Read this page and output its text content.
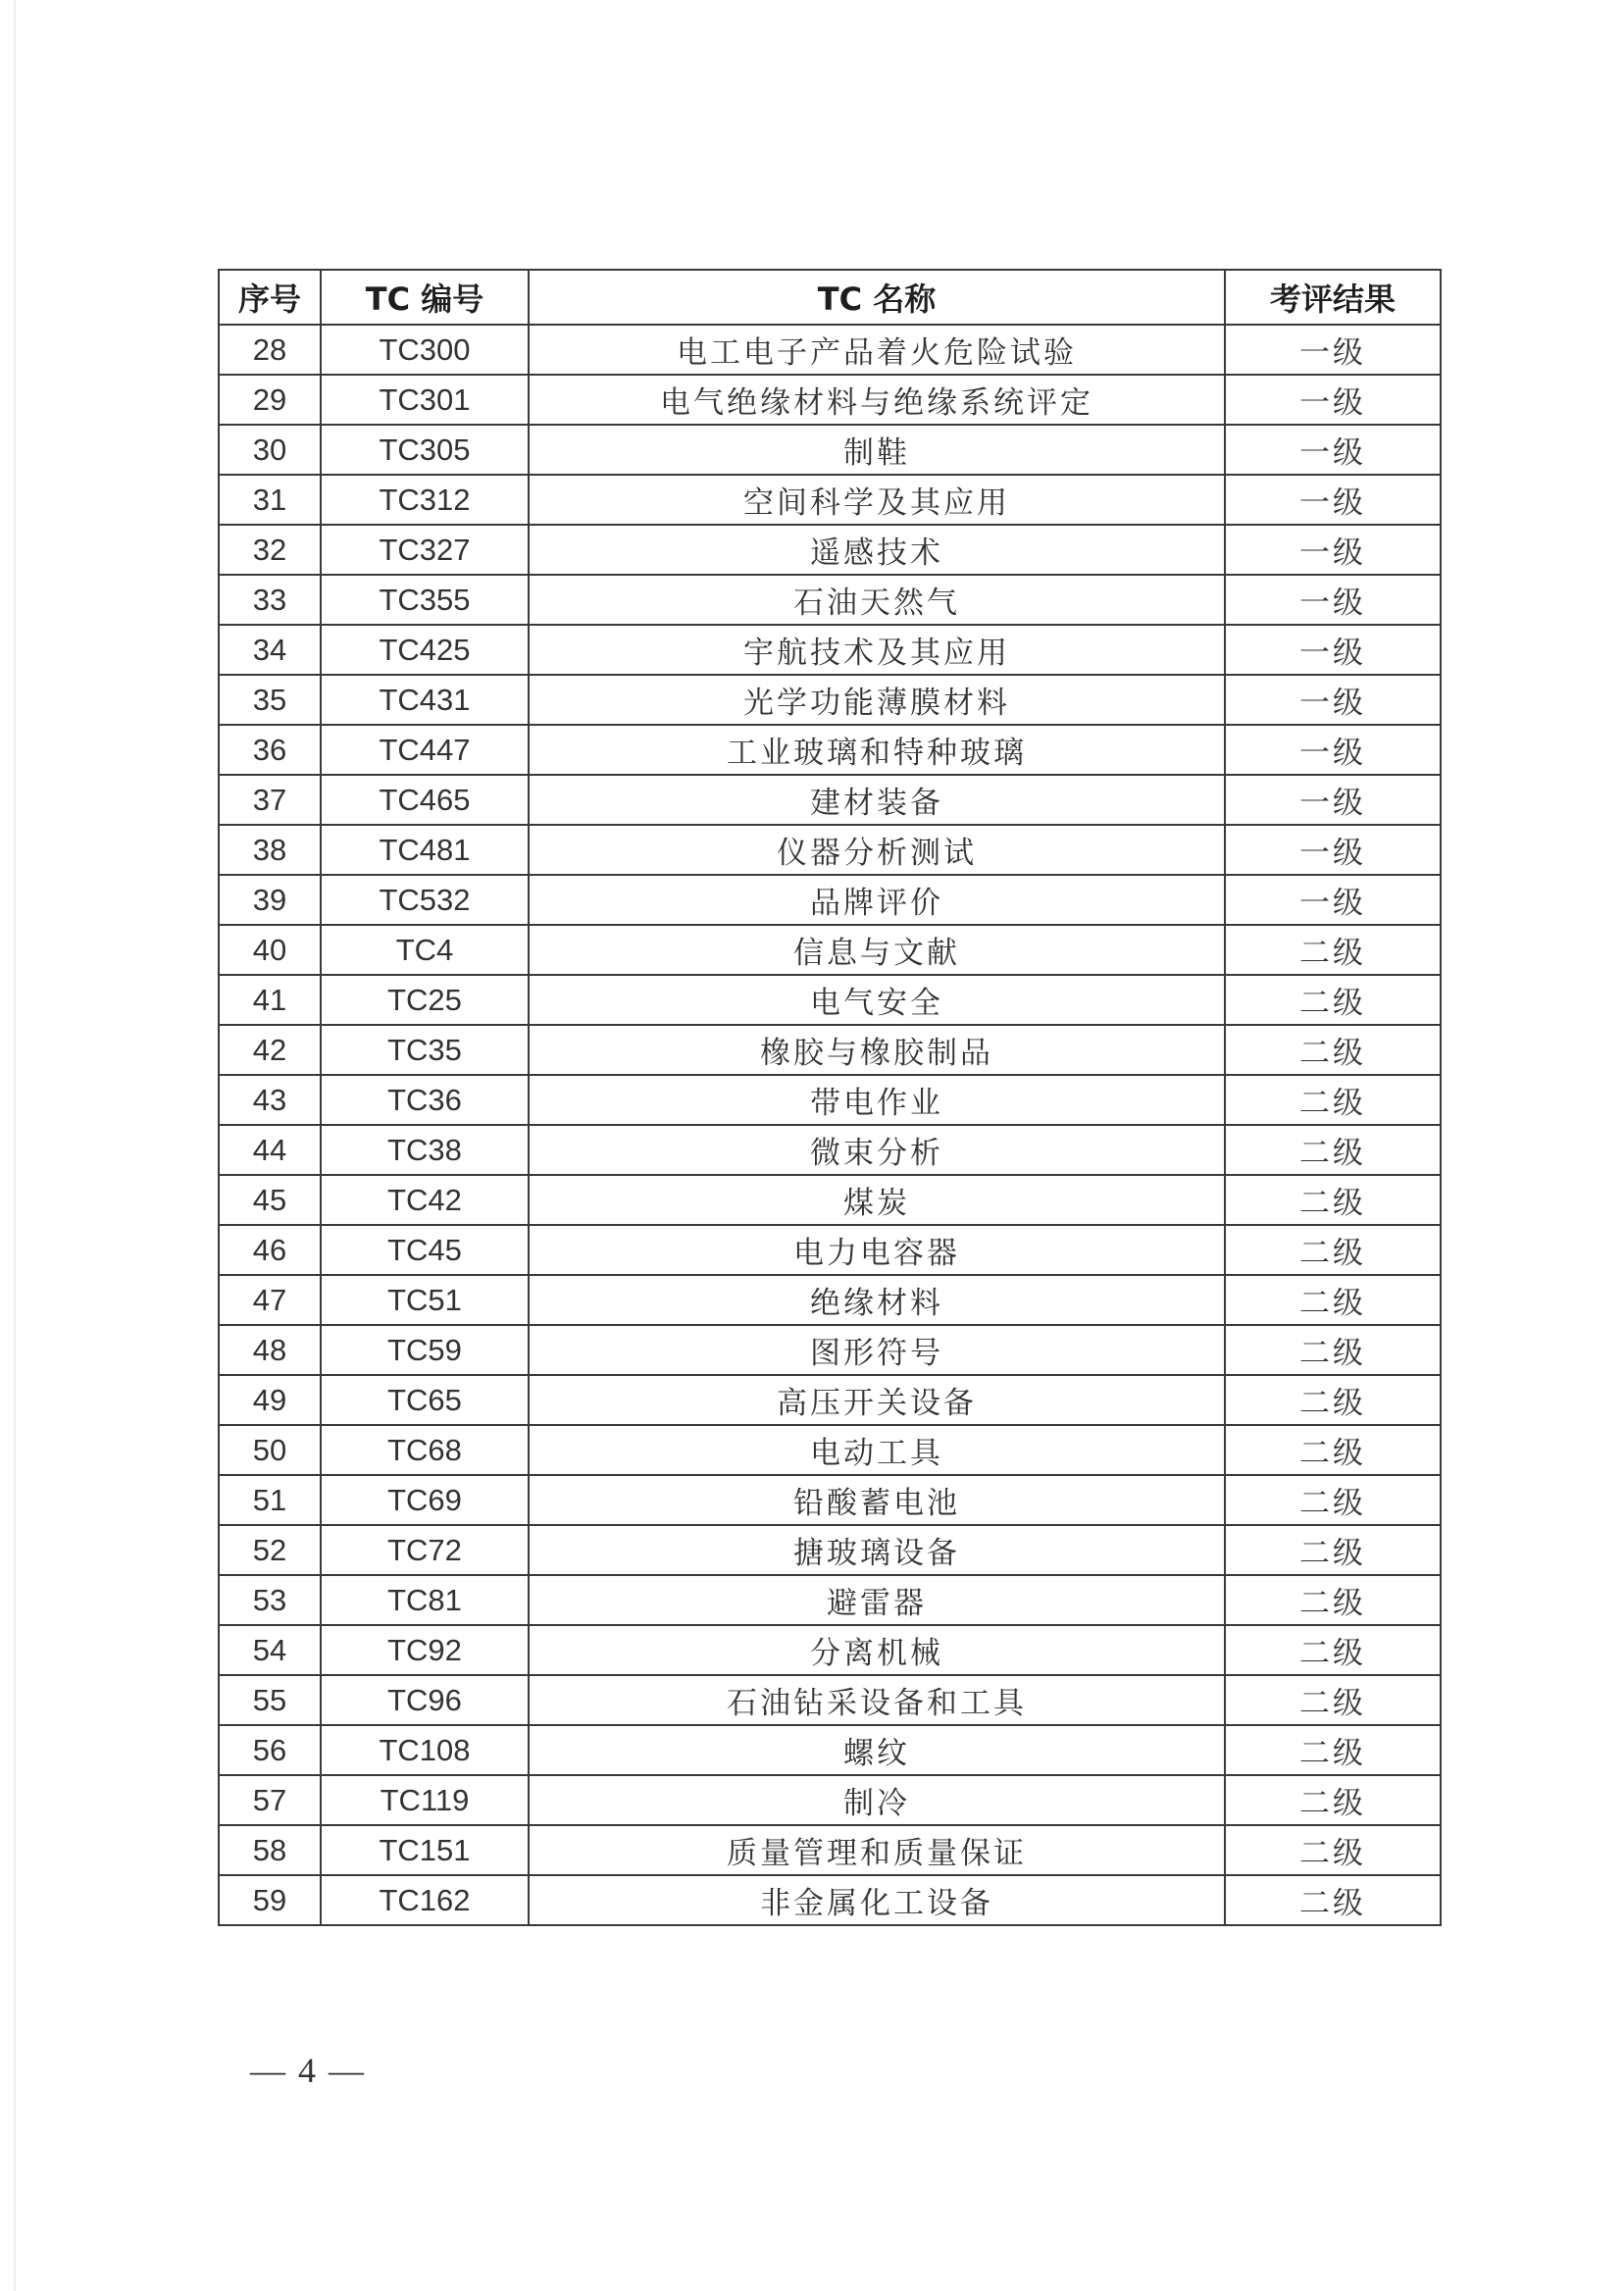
序号	TC 编号	TC 名称	考评结果
28	TC300	电工电子产品着火危险试验	一级
29	TC301	电气绝缘材料与绝缘系统评定	一级
30	TC305	制鞋	一级
31	TC312	空间科学及其应用	一级
32	TC327	遥感技术	一级
33	TC355	石油天然气	一级
34	TC425	宇航技术及其应用	一级
35	TC431	光学功能薄膜材料	一级
36	TC447	工业玻璃和特种玻璃	一级
37	TC465	建材装备	一级
38	TC481	仪器分析测试	一级
39	TC532	品牌评价	一级
40	TC4	信息与文献	二级
41	TC25	电气安全	二级
42	TC35	橡胶与橡胶制品	二级
43	TC36	带电作业	二级
44	TC38	微束分析	二级
45	TC42	煤炭	二级
46	TC45	电力电容器	二级
47	TC51	绝缘材料	二级
48	TC59	图形符号	二级
49	TC65	高压开关设备	二级
50	TC68	电动工具	二级
51	TC69	铅酸蓄电池	二级
52	TC72	搪玻璃设备	二级
53	TC81	避雷器	二级
54	TC92	分离机械	二级
55	TC96	石油钻采设备和工具	二级
56	TC108	螺纹	二级
57	TC119	制冷	二级
58	TC151	质量管理和质量保证	二级
59	TC162	非金属化工设备	二级
— 4 —
